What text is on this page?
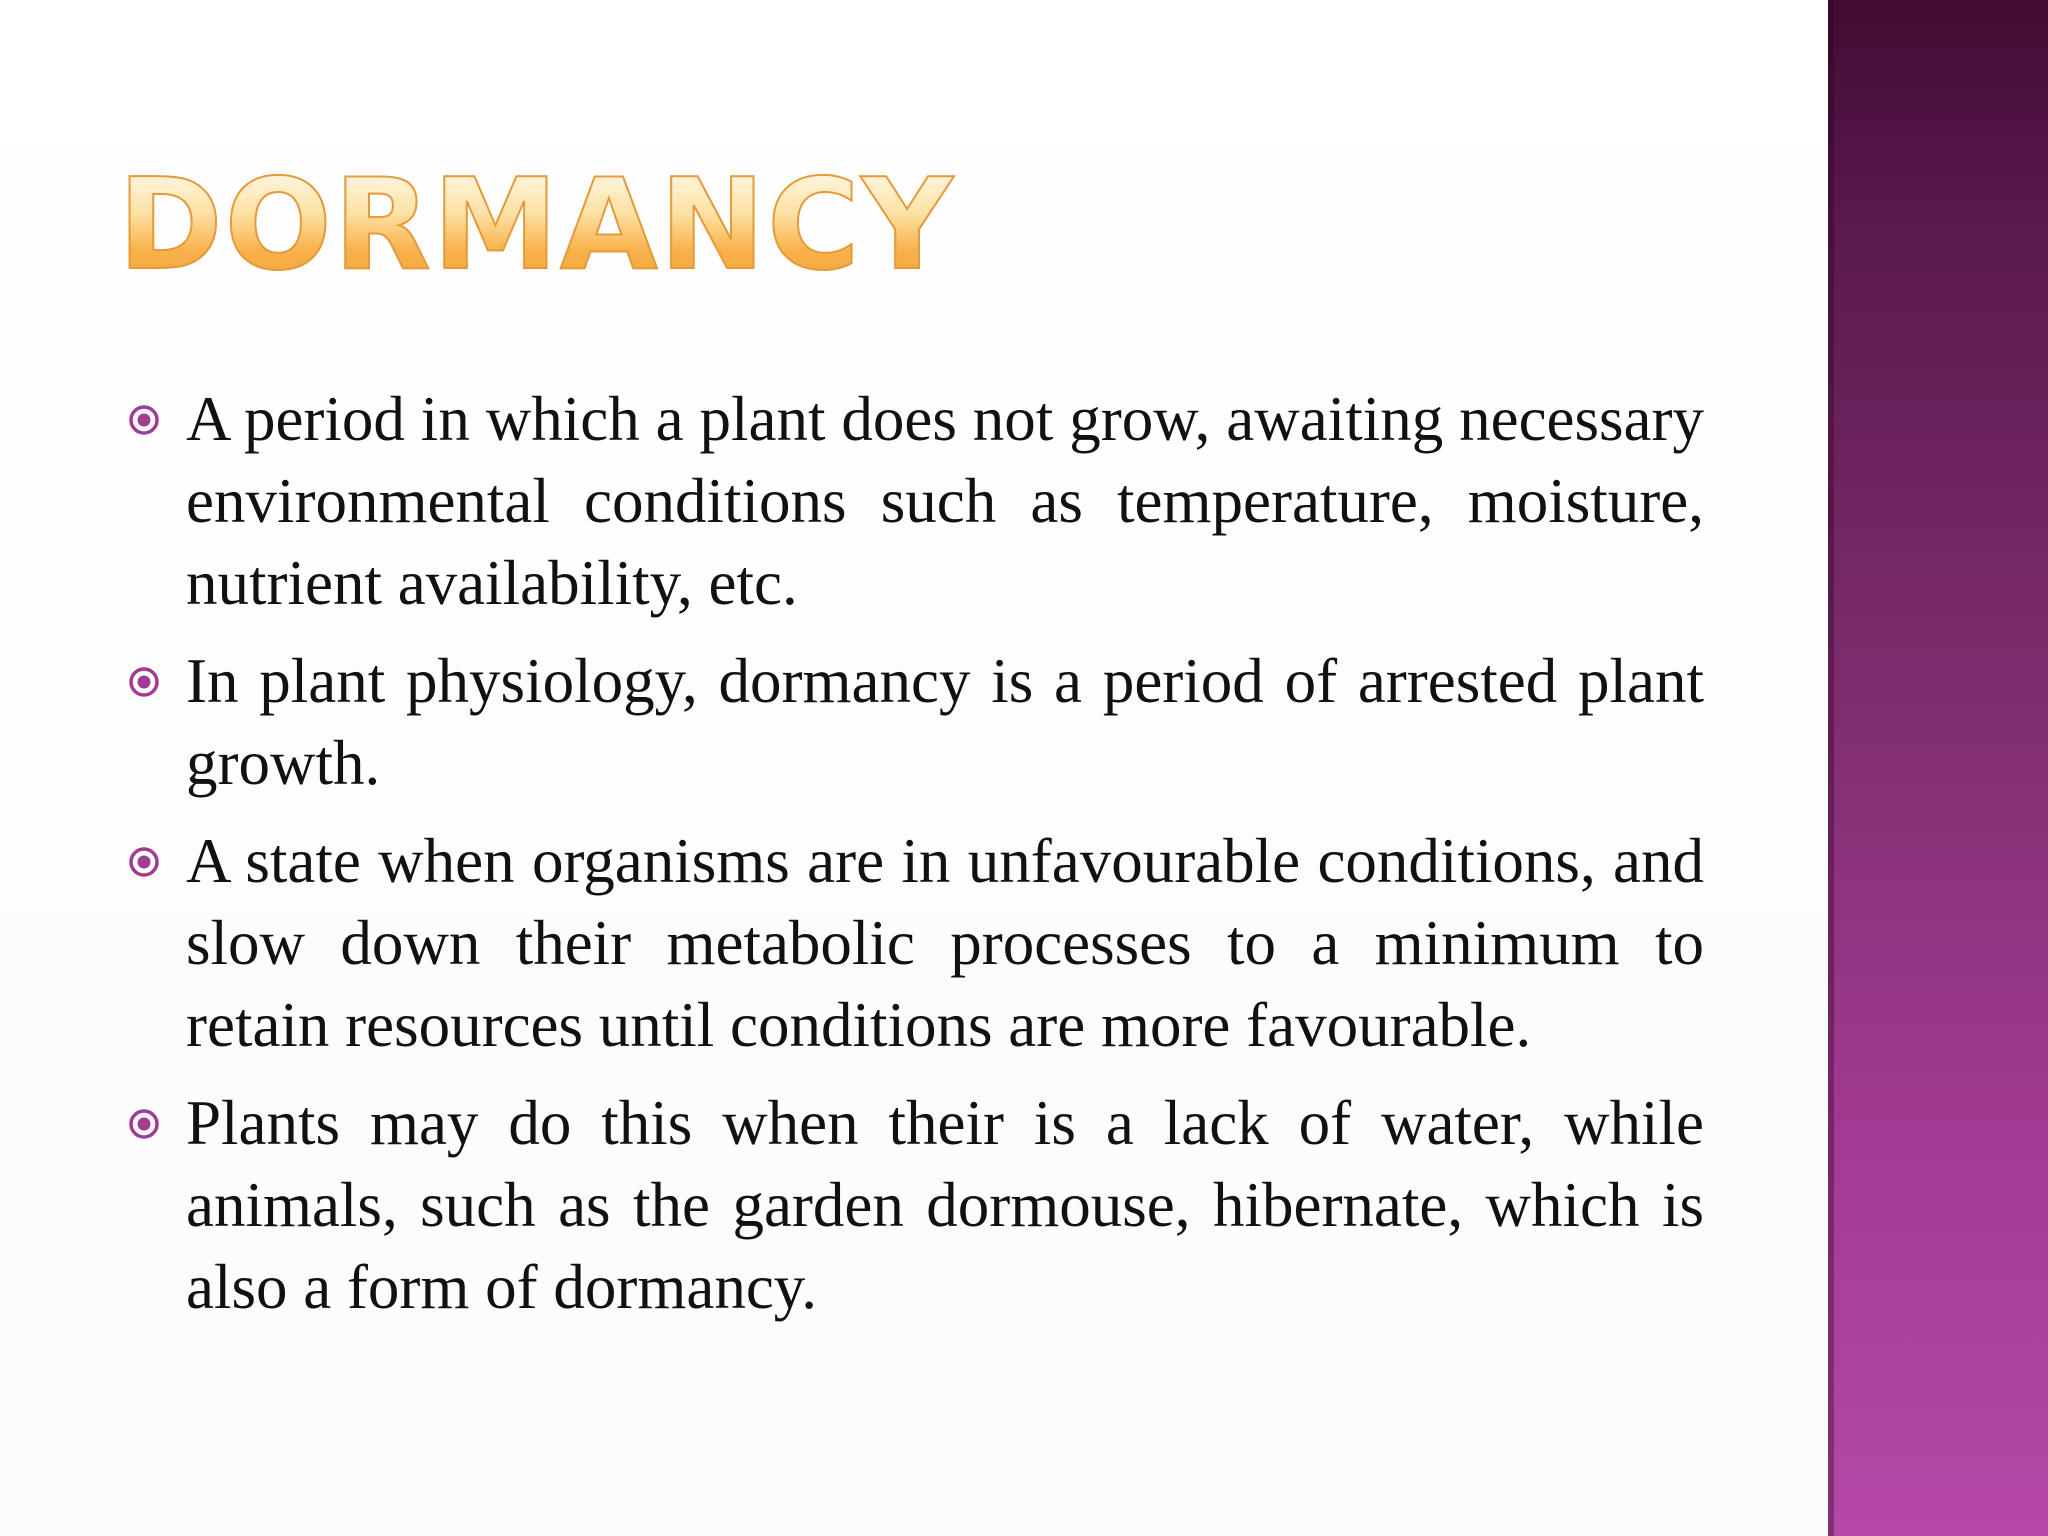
DORMANCY
A period in which a plant does not grow, awaiting necessary environmental conditions such as temperature, moisture, nutrient availability, etc.
In plant physiology, dormancy is a period of arrested plant growth.
A state when organisms are in unfavourable conditions, and slow down their metabolic processes to a minimum to retain resources until conditions are more favourable.
Plants may do this when their is a lack of water, while animals, such as the garden dormouse, hibernate, which is also a form of dormancy.
